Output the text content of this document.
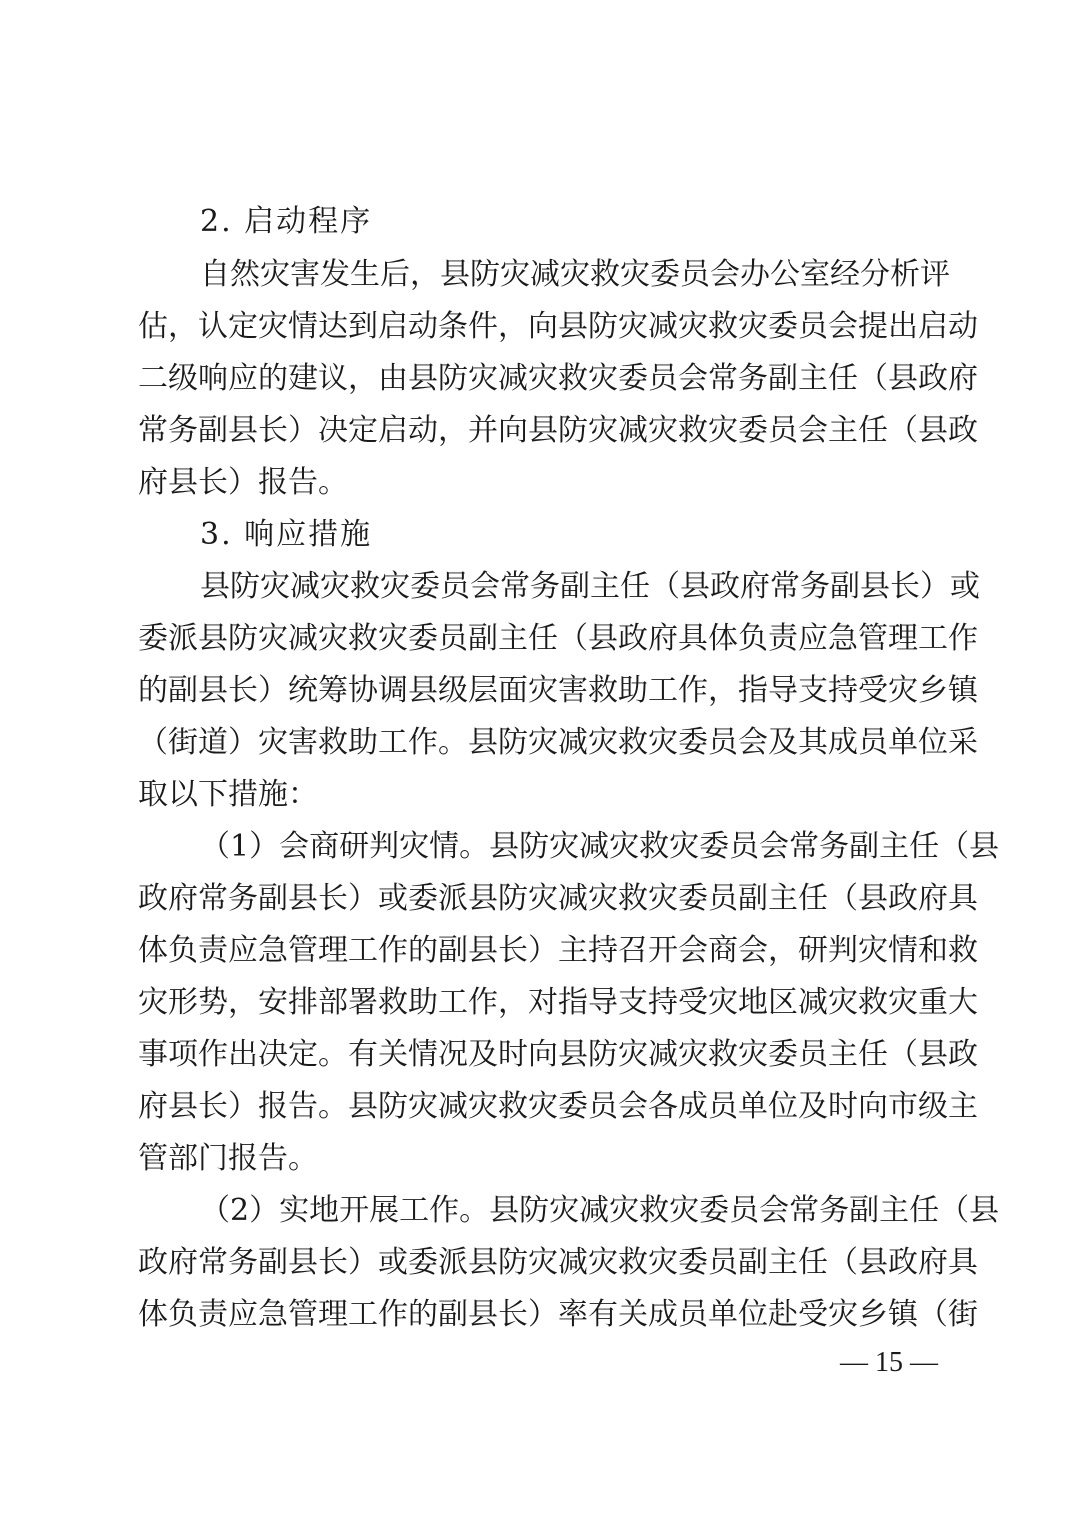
2. 启动程序
自然灾害发生后，县防灾减灾救灾委员会办公室经分析评
估，认定灾情达到启动条件，向县防灾减灾救灾委员会提出启动
二级响应的建议，由县防灾减灾救灾委员会常务副主任（县政府
常务副县长）决定启动，并向县防灾减灾救灾委员会主任（县政
府县长）报告。
3. 响应措施
县防灾减灾救灾委员会常务副主任（县政府常务副县长）或
委派县防灾减灾救灾委员副主任（县政府具体负责应急管理工作
的副县长）统筹协调县级层面灾害救助工作，指导支持受灾乡镇
（街道）灾害救助工作。县防灾减灾救灾委员会及其成员单位采
取以下措施：
（1）会商研判灾情。县防灾减灾救灾委员会常务副主任（县
政府常务副县长）或委派县防灾减灾救灾委员副主任（县政府具
体负责应急管理工作的副县长）主持召开会商会，研判灾情和救
灾形势，安排部署救助工作，对指导支持受灾地区减灾救灾重大
事项作出决定。有关情况及时向县防灾减灾救灾委员主任（县政
府县长）报告。县防灾减灾救灾委员会各成员单位及时向市级主
管部门报告。
（2）实地开展工作。县防灾减灾救灾委员会常务副主任（县
政府常务副县长）或委派县防灾减灾救灾委员副主任（县政府具
体负责应急管理工作的副县长）率有关成员单位赴受灾乡镇（街
— 15 —
